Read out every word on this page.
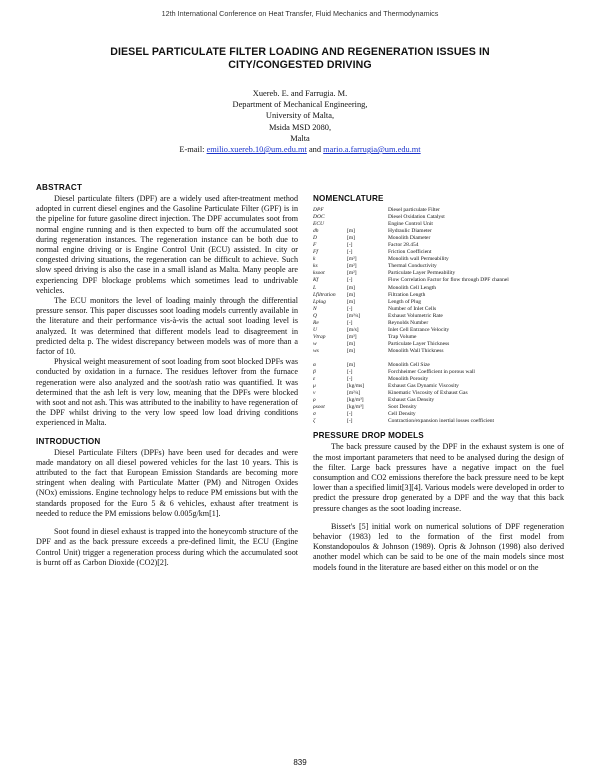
12th International Conference on Heat Transfer, Fluid Mechanics and Thermodynamics
DIESEL PARTICULATE FILTER LOADING AND REGENERATION ISSUES IN
CITY/CONGESTED DRIVING
Xuereb. E. and Farrugia. M.
Department of Mechanical Engineering,
University of Malta,
Msida MSD 2080,
Malta
E-mail: emilio.xuereb.10@um.edu.mt and mario.a.farrugia@um.edu.mt
ABSTRACT

Diesel particulate filters (DPF) are a widely used after-treatment method adopted in current diesel engines and the Gasoline Particulate Filter (GPF) is in the pipeline for future gasoline direct injection. The DPF accumulates soot from normal engine running and is then expected to burn off the accumulated soot during regeneration instances. The regeneration instance can be both due to normal engine driving or is Engine Control Unit (ECU) assisted. In city or congested driving situations, the regeneration can be difficult to achieve. Such slow speed driving is also the case in a small island as Malta. Many people are experiencing DPF blockage problems which sometimes lead to undrivable vehicles.

The ECU monitors the level of loading mainly through the differential pressure sensor. This paper discusses soot loading models currently available in the literature and their performance vis-à-vis the actual soot loading level is analyzed. It was determined that different models lead to disagreement in predicted delta p. The widest discrepancy between models was of more than a factor of 10.

Physical weight measurement of soot loading from soot blocked DPFs was conducted by oxidation in a furnace. The residues leftover from the furnace regeneration were also analyzed and the soot/ash ratio was quantified. It was determined that the ash left is very low, meaning that the DPFs were blocked with soot and not ash. This was attributed to the inability to have regeneration of the DPF whilst driving to the very low speed low load driving conditions experienced in Malta.

INTRODUCTION

Diesel Particulate Filters (DPFs) have been used for decades and were made mandatory on all diesel powered vehicles for the last 10 years. This is attributed to the fact that European Emission Standards are becoming more stringent when dealing with Particulate Matter (PM) and Nitrogen Oxides (NOx) emissions. Engine technology helps to reduce PM emissions but with the standards proposed for the Euro 5 & 6 vehicles, exhaust after treatment is needed to reduce the PM emissions below 0.005g/km[1].

Soot found in diesel exhaust is trapped into the honeycomb structure of the DPF and as the back pressure exceeds a pre-defined limit, the ECU (Engine Control Unit) trigger a regeneration process during which the accumulated soot is burnt off as Carbon Dioxide (CO2)[2].

NOMENCLATURE
DPF		Diesel particulate Filter
DOC		Diesel Oxidation Catalyst
ECU		Engine Control Unit
dh	[m]	Hydraulic Diameter
D	[m]	Monolith Diameter
F	[-]	Factor 28.454
Ff	[-]	Friction Coefficient
k	[m²]	Monolith wall Permeability
ks	[m²]	Thermal Conductivity
ksoot	[m²]	Particulate Layer Permeability
Kf	[-]	Flow Correlation Factor for flow through DPF channel
L	[m]	Monolith Cell Length
Lfiltration	[m]	Filtration Length
Lplug	[m]	Length of Plug
N	[-]	Number of Inlet Cells
Q	[m³/s]	Exhaust Volumetric Rate
Re	[-]	Reynolds Number
U	[m/s]	Inlet Cell Entrance Velocity
Vtrap	[m³]	Trap Volume
w	[m]	Particulate Layer Thickness
ws	[m]	Monolith Wall Thickness

α	[m]	Monolith Cell Size
β	[-]	Forchheimer Coefficient in porous wall
ε	[-]	Monolith Porosity
μ	[kg/ms]	Exhaust Gas Dynamic Viscosity
ν	[m²/s]	Kinematic Viscosity of Exhaust Gas
ρ	[kg/m³]	Exhaust Gas Density
ρsoot	[kg/m³]	Soot Density
σ	[-]	Cell Density
ζ	[-]	Contraction/expansion inertial losses coefficient
PRESSURE DROP MODELS

The back pressure caused by the DPF in the exhaust system is one of the most important parameters that need to be analysed during the design of the filter. Large back pressures have a negative impact on the fuel consumption and CO2 emissions therefore the back pressure need to be kept lower than a specified limit[3][4]. Various models were developed in order to predict the pressure drop generated by a DPF and the way that this back pressure changes as the soot loading increase.

Bisset's [5] initial work on numerical solutions of DPF regeneration behavior (1983) led to the formation of the first model from Konstandopoulos & Johnson (1989). Opris & Johnson (1998) also derived another model which can be said to be one of the main models since most models found in the literature are based either on this model or on the

839
